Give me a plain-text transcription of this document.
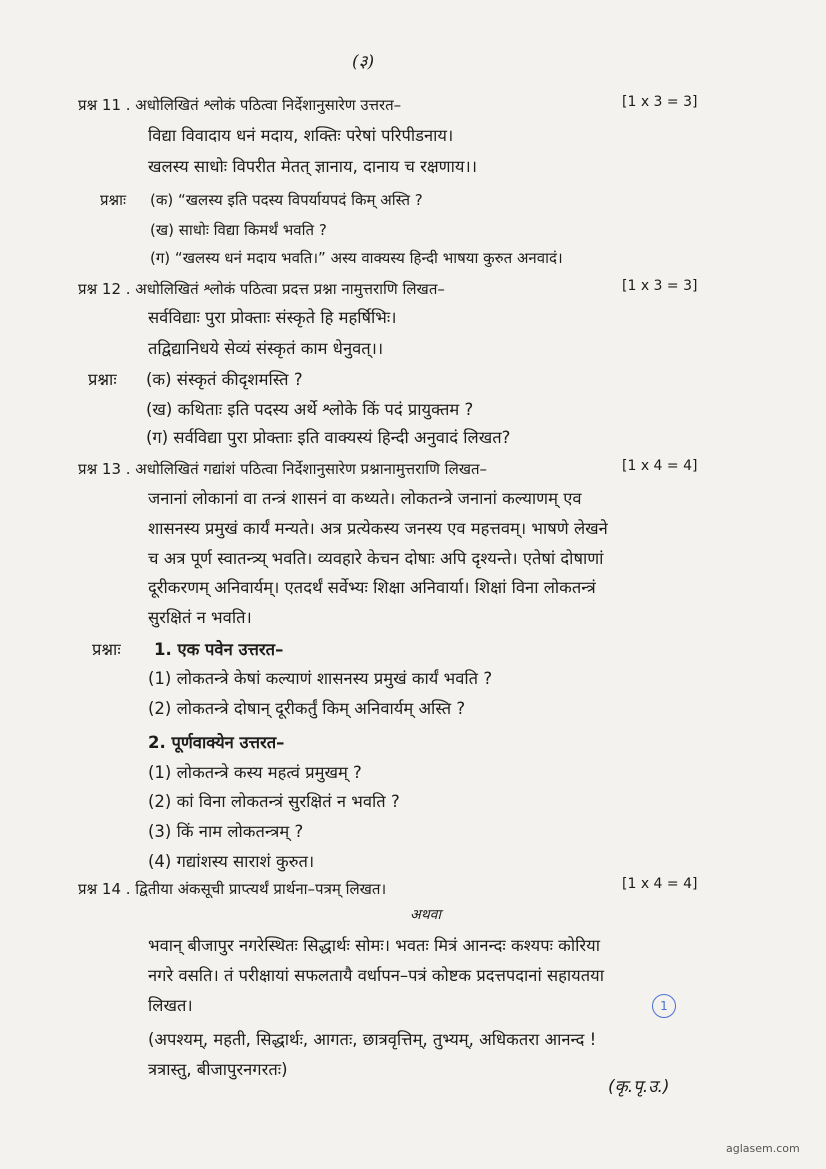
(३)
प्रश्न 11 . अधोलिखितं श्लोकं पठित्वा निर्देशानुसारेण उत्तरत–	[1 x 3 = 3]
विद्या विवादाय धनं मदाय, शक्तिः परेषां परिपीडनाय।
खलस्य साधोः विपरीत मेतत् ज्ञानाय, दानाय च रक्षणाय।।
प्रश्नाः (क) “खलस्य इति पदस्य विपर्यायपदं किम् अस्ति ?
(ख) साधोः विद्या किमर्थं भवति ?
(ग) “खलस्य धनं मदाय भवति।” अस्य वाक्यस्य हिन्दी भाषया कुरुत अनवादं।
प्रश्न 12 . अधोलिखितं श्लोकं पठित्वा प्रदत्त प्रश्ना नामुत्तराणि लिखत–	[1 x 3 = 3]
सर्वविद्याः पुरा प्रोक्ताः संस्कृते हि महर्षिभिः।
तद्विद्यानिधये सेव्यं संस्कृतं काम धेनुवत्।।
प्रश्नाः (क) संस्कृतं कीदृशमस्ति ?
(ख) कथिताः इति पदस्य अर्थे श्लोके किं पदं प्रायुक्तम ?
(ग) सर्वविद्या पुरा प्रोक्ताः इति वाक्यस्यं हिन्दी अनुवादं लिखत?
प्रश्न 13 . अधोलिखितं गद्यांशं पठित्वा निर्देशानुसारेण प्रश्नानामुत्तराणि लिखत–	[1 x 4 = 4]
जनानां लोकानां वा तन्त्रं शासनं वा कथ्यते। लोकतन्त्रे जनानां कल्याणम् एव
शासनस्य प्रमुखं कार्यं मन्यते। अत्र प्रत्येकस्य जनस्य एव महत्तवम्। भाषणे लेखने
च अत्र पूर्ण स्वातन्त्र्य् भवति। व्यवहारे केचन दोषाः अपि दृश्यन्ते। एतेषां दोषाणां
दूरीकरणम् अनिवार्यम्। एतदर्थं सर्वेभ्यः शिक्षा अनिवार्या। शिक्षां विना लोकतन्त्रं
सुरक्षितं न भवति।
प्रश्नाः 1. एक पवेन उत्तरत–
(1) लोकतन्त्रे केषां कल्याणं शासनस्य प्रमुखं कार्यं भवति ?
(2) लोकतन्त्रे दोषान् दूरीकर्तुं किम् अनिवार्यम् अस्ति ?
2. पूर्णवाक्येन उत्तरत–
(1) लोकतन्त्रे कस्य महत्वं प्रमुखम् ?
(2) कां विना लोकतन्त्रं सुरक्षितं न भवति ?
(3) किं नाम लोकतन्त्रम् ?
(4) गद्यांशस्य साराशं कुरुत।
प्रश्न 14 . द्वितीया अंकसूची प्राप्त्यर्थं प्रार्थना–पत्रम् लिखत।	[1 x 4 = 4]
अथवा
भवान् बीजापुर नगरेस्थितः सिद्धार्थः सोमः। भवतः मित्रं आनन्दः कश्यपः कोरिया
नगरे वसति। तं परीक्षायां सफलतायै वर्धापन–पत्रं कोष्टक प्रदत्तपदानां सहायतया
लिखत।	1
(अपश्यम्, महती, सिद्धार्थः, आगतः, छात्रवृत्तिम्, तुभ्यम्, अधिकतरा आनन्द !
त्रत्रास्तु, बीजापुरनगरतः)
(कृ.पृ.उ.)
aglasem.com
